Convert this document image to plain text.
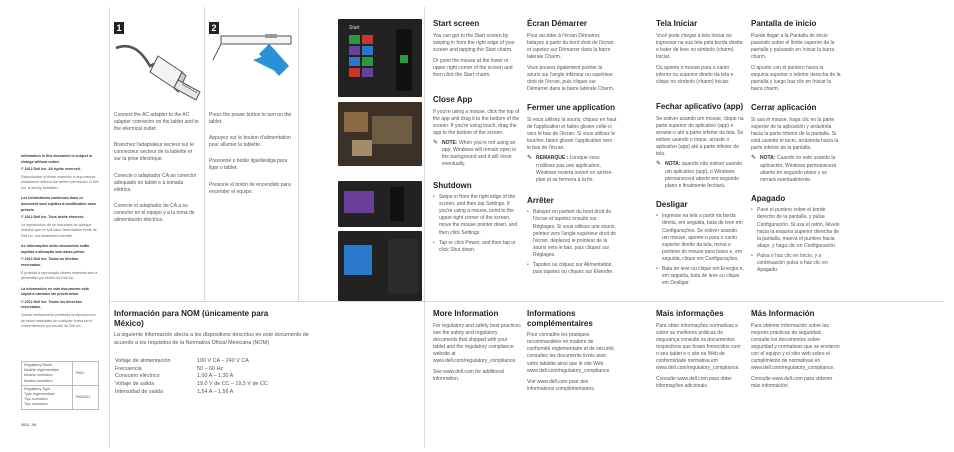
Information in this document is subject to change without notice.
© 2012 Dell Inc. All rights reserved.
Reproduction of these materials in any manner whatsoever without the written permission of Dell Inc. is strictly forbidden.
Les informations contenues dans ce document sont sujettes à modification sans préavis.
© 2012 Dell Inc. Tous droits réservés.
La reproduction de ce document de quelque manière que ce soit sans l'autorisation écrite de Dell Inc. est strictement interdite.
As informações neste documento estão sujeitas a alteração sem aviso prévio.
© 2012 Dell Inc. Todos os direitos reservados.
É proibida a reprodução destes materiais sem a permissão por escrito da Dell Inc.
La información en este documento está sujeta a cambios sin previo aviso.
© 2012 Dell Inc. Todos los derechos reservados.
Queda estrictamente prohibida la reproducción de estos materiales de cualquier forma sin el consentimiento por escrito de Dell Inc.
Regulatory Model
Modèle réglementaire
Modelo normativo
Modelo normativo	T06G

Regulatory Type
Type réglementaire
Tipo normativo
Tipo normativo	T06G001
2012 - 09
1
Connect the AC adapter to the AC adapter connector on the tablet and to the electrical outlet.
Branchez l'adaptateur secteur sur le connecteur secteur de la tablette et sur la prise électrique.
Conecte o adaptador CA ao conector adequado no tablet e à tomada elétrica.
Conecte el adaptador de CA a su conector en el equipo y a la toma de alimentación eléctrica.
2
Press the power button to turn on the tablet.
Appuyez sur le bouton d'alimentation pour allumer la tablette.
Pressione o botão liga/desliga para ligar o tablet.
Presione el botón de encendido para encender el equipo.
Start	Start screen
You can get to the Start screen by swiping in from the right edge of your screen and tapping the Start charm.
Or point the mouse at the lower or upper right corner of the screen and then click the Start charm.
Close App
If you're using a mouse, click the top of the app and drag it to the bottom of the screen. If you're using touch, drag the app to the bottom of the screen.
✎ NOTE: When you're not using an app, Windows will remain open in the background and it will close eventually.
Shutdown
• Swipe in from the right edge of the screen, and then tap Settings. If you're using a mouse, point to the upper-right corner of the screen, move the mouse pointer down, and then click Settings.
• Tap or click Power, and then tap or click Shut down.
Écran Démarrer
Pour accéder à l'écran Démarrer, balayez à partir du bord droit de l'écran et tapotez sur Démarrer dans la barre latérale Charm.
Vous pouvez également pointer la souris sur l'angle inférieur ou supérieur droit de l'écran, puis cliquer sur Démarrer dans la barre latérale Charm.
Fermer une application
Si vous utilisez la souris, cliquez en haut de l'application et faites glisser celle-ci vers le bas de l'écran. Si vous utilisez le toucher, faites glisser l'application vers le bas de l'écran.
✎ REMARQUE : Lorsque vous n'utilisez pas une application, Windows restera ouvert en arrière-plan et se fermera à la fin.
Arrêter
• Balayez en partant du bord droit de l'écran et tapotez ensuite sur Réglages. Si vous utilisez une souris, pointez vers l'angle supérieur droit de l'écran, déplacez le pointeur de la souris vers le bas, puis cliquez sur Réglages.
• Tapotez ou cliquez sur Alimentation, puis tapotez ou cliquez sur Éteindre.
Tela Iniciar
Você pode chegar à tela Iniciar ao ingressar na sua tela pela borda direita e bater de leve no símbolo (charm) Iniciar.
Ou aponte o mouse para o canto inferior ou superior direito da tela e clique no símbolo (charm) Iniciar.
Fechar aplicativo (app)
Se estiver usando um mouse, clique na parte superior do aplicativo (app) e arraste-o até a parte inferior da tela. Se estiver usando o toque, arraste o aplicativo (app) até a parte inferior da tela.
✎ NOTA: quando não estiver usando um aplicativo (app), o Windows permanecerá aberto em segundo plano e finalmente fechará.
Desligar
• Ingresse na tela a partir da borda direita, em seguida, bata de leve em Configurações. Se estiver usando um mouse, aponte-o para o canto superior direito da tela, mova o ponteiro do mouse para baixo e, em seguida, clique em Configurações.
• Bata de leve ou clique em Energia e, em seguida, bata de leve ou clique em Desligar.
Pantalla de inicio
Puede llegar a la Pantalla de inicio pasando sobre el límite superior de la pantalla y pulsando en Iniciar la barra charm.
O apunte con el puntero hacia la esquina superior o inferior derecha de la pantalla y luego haz clic en Iniciar la barra charm.
Cerrar aplicación
Si usa el mouse, haga clic en la parte superior de la aplicación y arrástrela hacia la parte inferior de la pantalla. Si está usando el tacto, arrástrela hacia la parte inferior de la pantalla.
✎ NOTA: Cuando no esté usando la aplicación, Windows permanecerá abierto en segundo plano y se cerrará eventualmente.
Apagado
• Pase el puntero sobre el borde derecho de la pantalla, y pulse Configuración. Si usa el ratón, llévelo hacia la esquina superior derecha de la pantalla, mueva el puntero hacia abajo, y haga clic en Configuración.
• Pulsa o haz clic en Inicio, y a continuación pulsa o haz clic en Apagado.
Información para NOM (únicamente para México)
La siguiente información afecta a los dispositivos descritos en este documento de acuerdo a los requisitos de la Normativa Oficial Mexicana (NOM)
Voltaje de alimentación	100 V CA – 240 V CA
Frecuencia	50 – 60 Hz
Consumo eléctrico	1,00 A – 1,30 A
Voltaje de salida	19,0 V de CC – 19,5 V de CC
Intensidad de salida	1,54 A – 1,56 A
More Information
For regulatory and safety best practices see the safety and regulatory documents that shipped with your tablet and the regulatory compliance website at www.dell.com/regulatory_compliance.
See www.dell.com for additional information.
Informations complémentaires
Pour connaître les pratiques recommandées en matière de conformité réglementaire et de sécurité, consultez les documents livrés avec votre tablette ainsi que le site Web www.dell.com/regulatory_compliance.
Voir www.dell.com pour des informations complémentaires.
Mais informações
Para obter informações normativas e sobre as melhores práticas de segurança consulte os documentos respectivos que foram fornecidos com o seu tablet e o site na Web de conformidade normativa em www.dell.com/regulatory_compliance.
Consulte www.dell.com para obter informações adicionais.
Más Información
Para obtener información sobre las mejores prácticas de seguridad, consulte los documentos sobre seguridad y normativas que se enviaron con el equipo y el sitio web sobre el cumplimiento de normativas en www.dell.com/regulatory_compliance.
Consulte www.dell.com para obtener más información.
